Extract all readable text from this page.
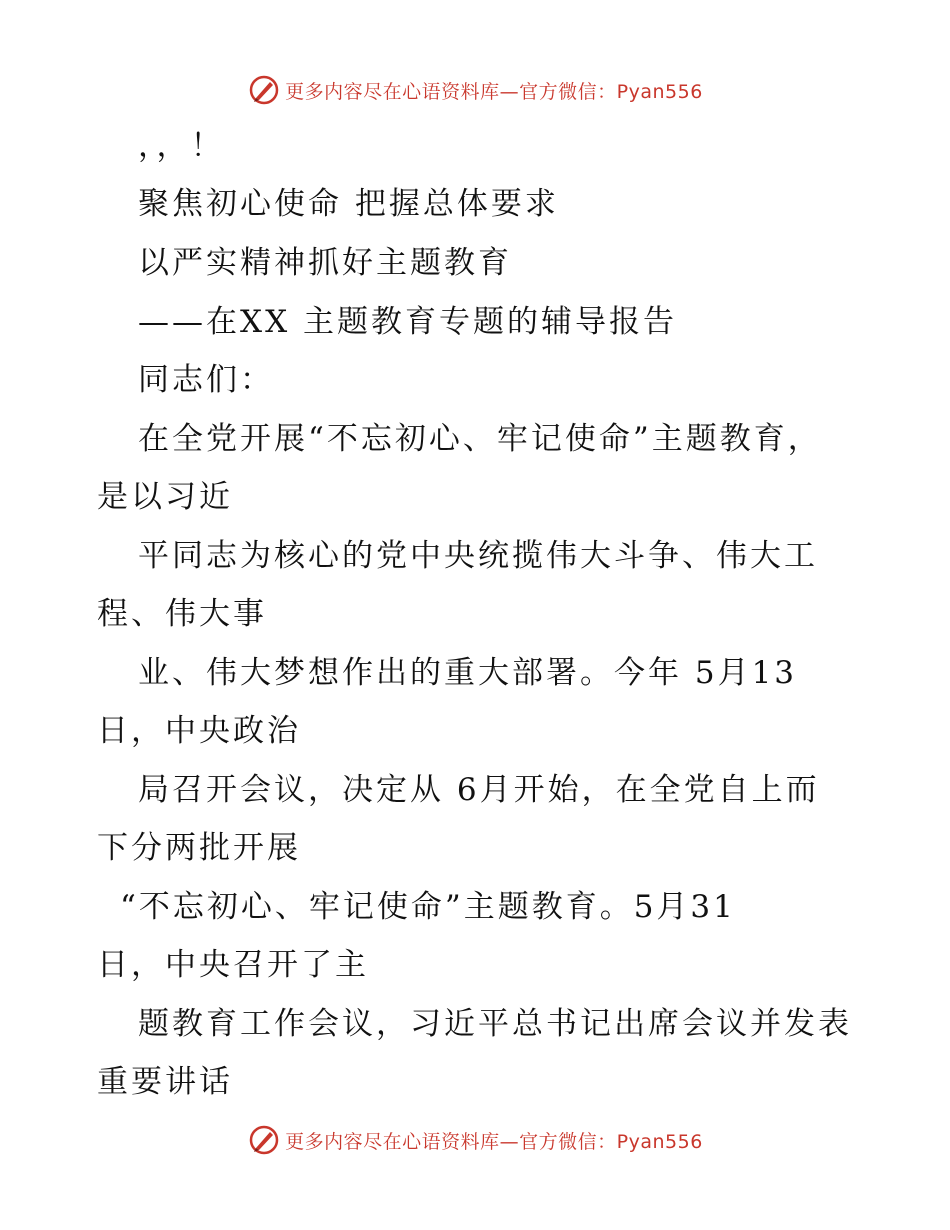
更多内容尽在心语资料库—官方微信：Pyan556
，，！
聚焦初心使命 把握总体要求
以严实精神抓好主题教育
——在XX 主题教育专题的辅导报告
同志们：
在全党开展“不忘初心、牢记使命”主题教育，
是以习近
平同志为核心的党中央统揽伟大斗争、伟大工
程、伟大事
业、伟大梦想作出的重大部署。今年 5月13
日，中央政治
局召开会议，决定从 6月开始，在全党自上而
下分两批开展
“不忘初心、牢记使命”主题教育。5月31
日，中央召开了主
题教育工作会议，习近平总书记出席会议并发表
重要讲话
更多内容尽在心语资料库—官方微信：Pyan556
